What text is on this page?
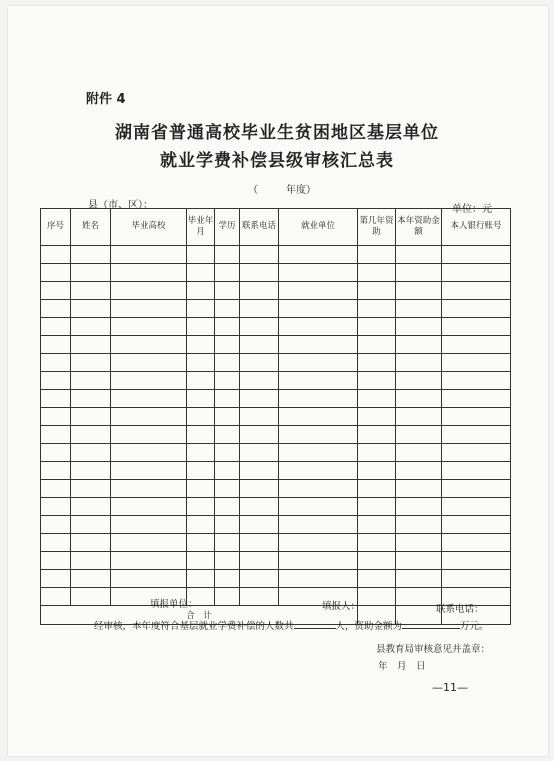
附件 4
湖南省普通高校毕业生贫困地区基层单位
就业学费补偿县级审核汇总表
（	年度）
县（市、区）：	单位：元
序号	姓名	毕业高校	毕业年月	学历	联系电话	就业单位	第几年资助	本年资助金额	本人银行账号

合　计									
填报单位：	填报人：	联系电话：
经审核，本年度符合基层就业学费补偿的人数共	人，资助金额为	万元。
县教育局审核意见并盖章：
年　月　日
—11—
